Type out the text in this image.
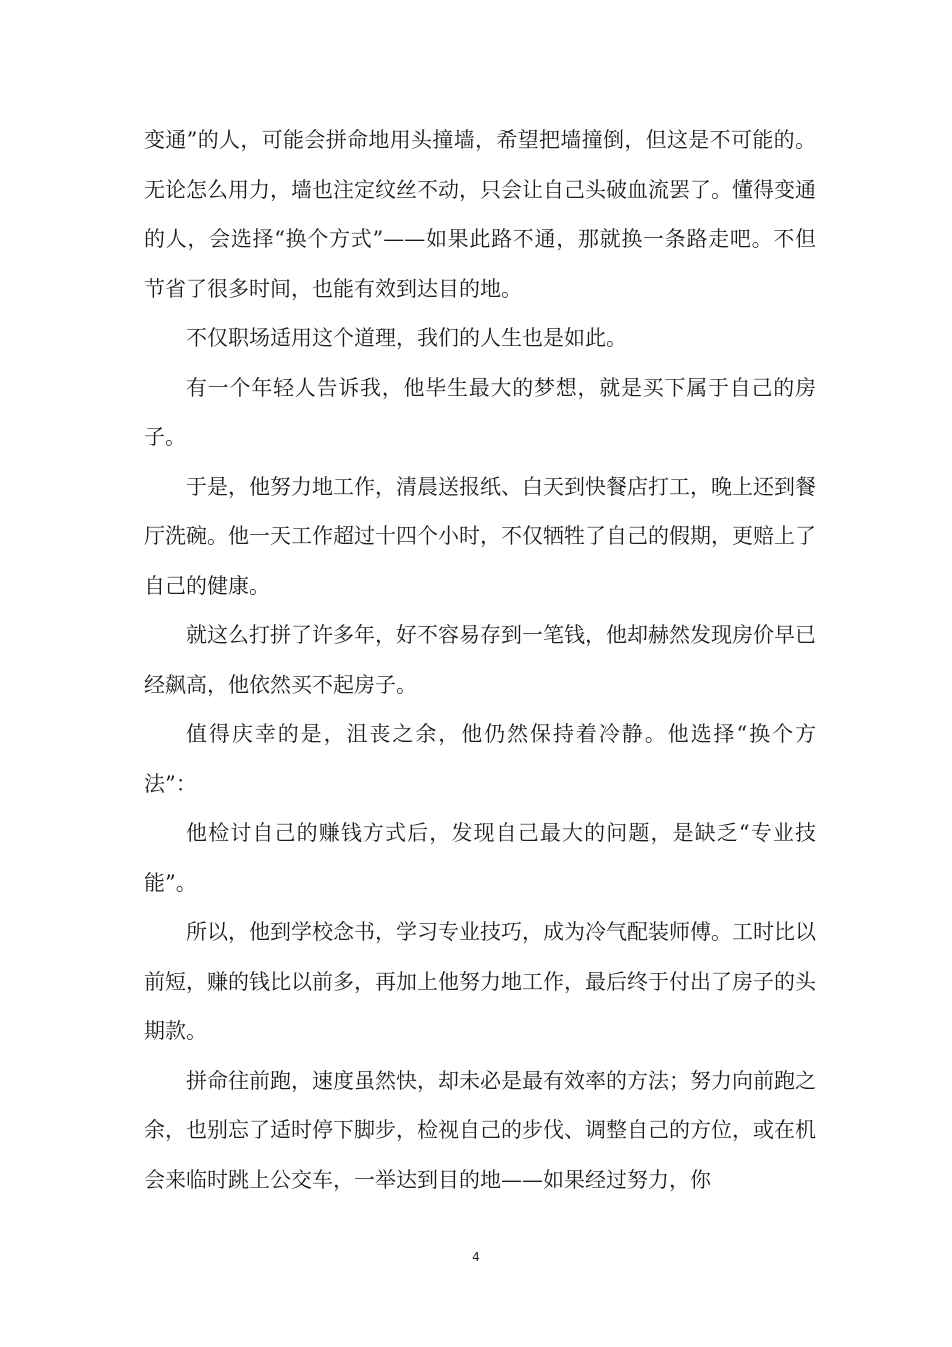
变通”的人，可能会拼命地用头撞墙，希望把墙撞倒，但这是不可能的。无论怎么用力，墙也注定纹丝不动，只会让自己头破血流罢了。懂得变通的人，会选择“换个方式”——如果此路不通，那就换一条路走吧。不但节省了很多时间，也能有效到达目的地。

不仅职场适用这个道理，我们的人生也是如此。

有一个年轻人告诉我，他毕生最大的梦想，就是买下属于自己的房子。

于是，他努力地工作，清晨送报纸、白天到快餐店打工，晚上还到餐厅洗碗。他一天工作超过十四个小时，不仅牺牲了自己的假期，更赔上了自己的健康。

就这么打拼了许多年，好不容易存到一笔钱，他却赫然发现房价早已经飙高，他依然买不起房子。

值得庆幸的是，沮丧之余，他仍然保持着冷静。他选择“换个方法”：

他检讨自己的赚钱方式后，发现自己最大的问题，是缺乏“专业技能”。

所以，他到学校念书，学习专业技巧，成为冷气配装师傅。工时比以前短，赚的钱比以前多，再加上他努力地工作，最后终于付出了房子的头期款。

拼命往前跑，速度虽然快，却未必是最有效率的方法；努力向前跑之余，也别忘了适时停下脚步，检视自己的步伐、调整自己的方位，或在机会来临时跳上公交车，一举达到目的地——如果经过努力，你

4
